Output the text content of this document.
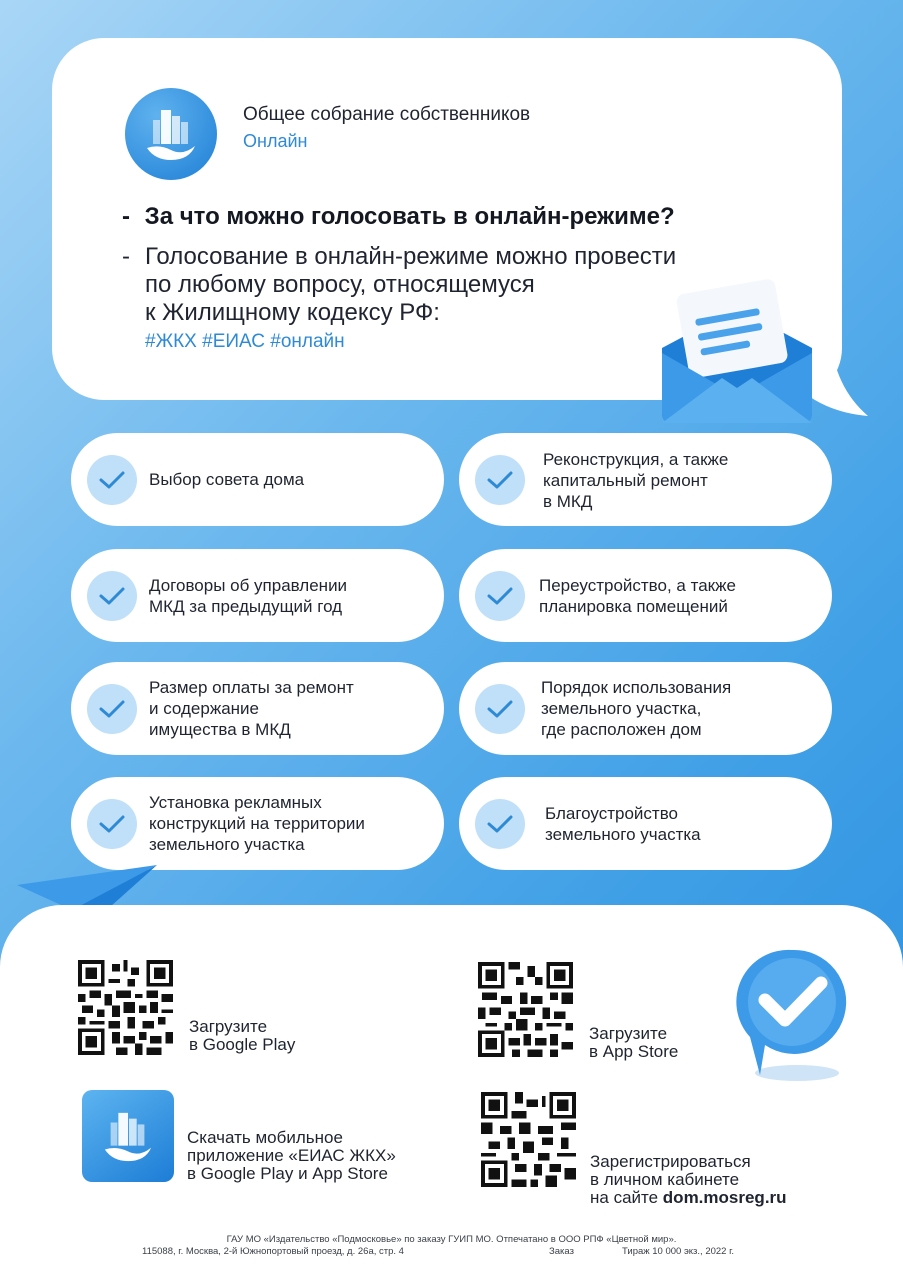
Общее собрание собственников
Онлайн
- За что можно голосовать в онлайн-режиме?
- Голосование в онлайн-режиме можно провести
по любому вопросу, относящемуся
к Жилищному кодексу РФ:
#ЖКХ #ЕИАС #онлайн
Выбор совета дома
Реконструкция, а также
капитальный ремонт
в МКД
Договоры об управлении
МКД за предыдущий год
Переустройство, а также
планировка помещений
Размер оплаты за ремонт
и содержание
имущества в МКД
Порядок использования
земельного участка,
где расположен дом
Установка рекламных
конструкций на территории
земельного участка
Благоустройство
земельного участка
Загрузите
в Google Play
Загрузите
в App Store
Скачать мобильное
приложение «ЕИАС ЖКХ»
в Google Play и App Store

Зарегистрироваться
в личном кабинете
на сайте dom.mosreg.ru

ГАУ МО «Издательство «Подмосковье» по заказу ГУИП МО. Отпечатано в ООО РПФ «Цветной мир».
115088, г. Москва, 2-й Южнопортовый проезд, д. 26а, стр. 4	Заказ	Тираж 10 000 экз., 2022 г.
